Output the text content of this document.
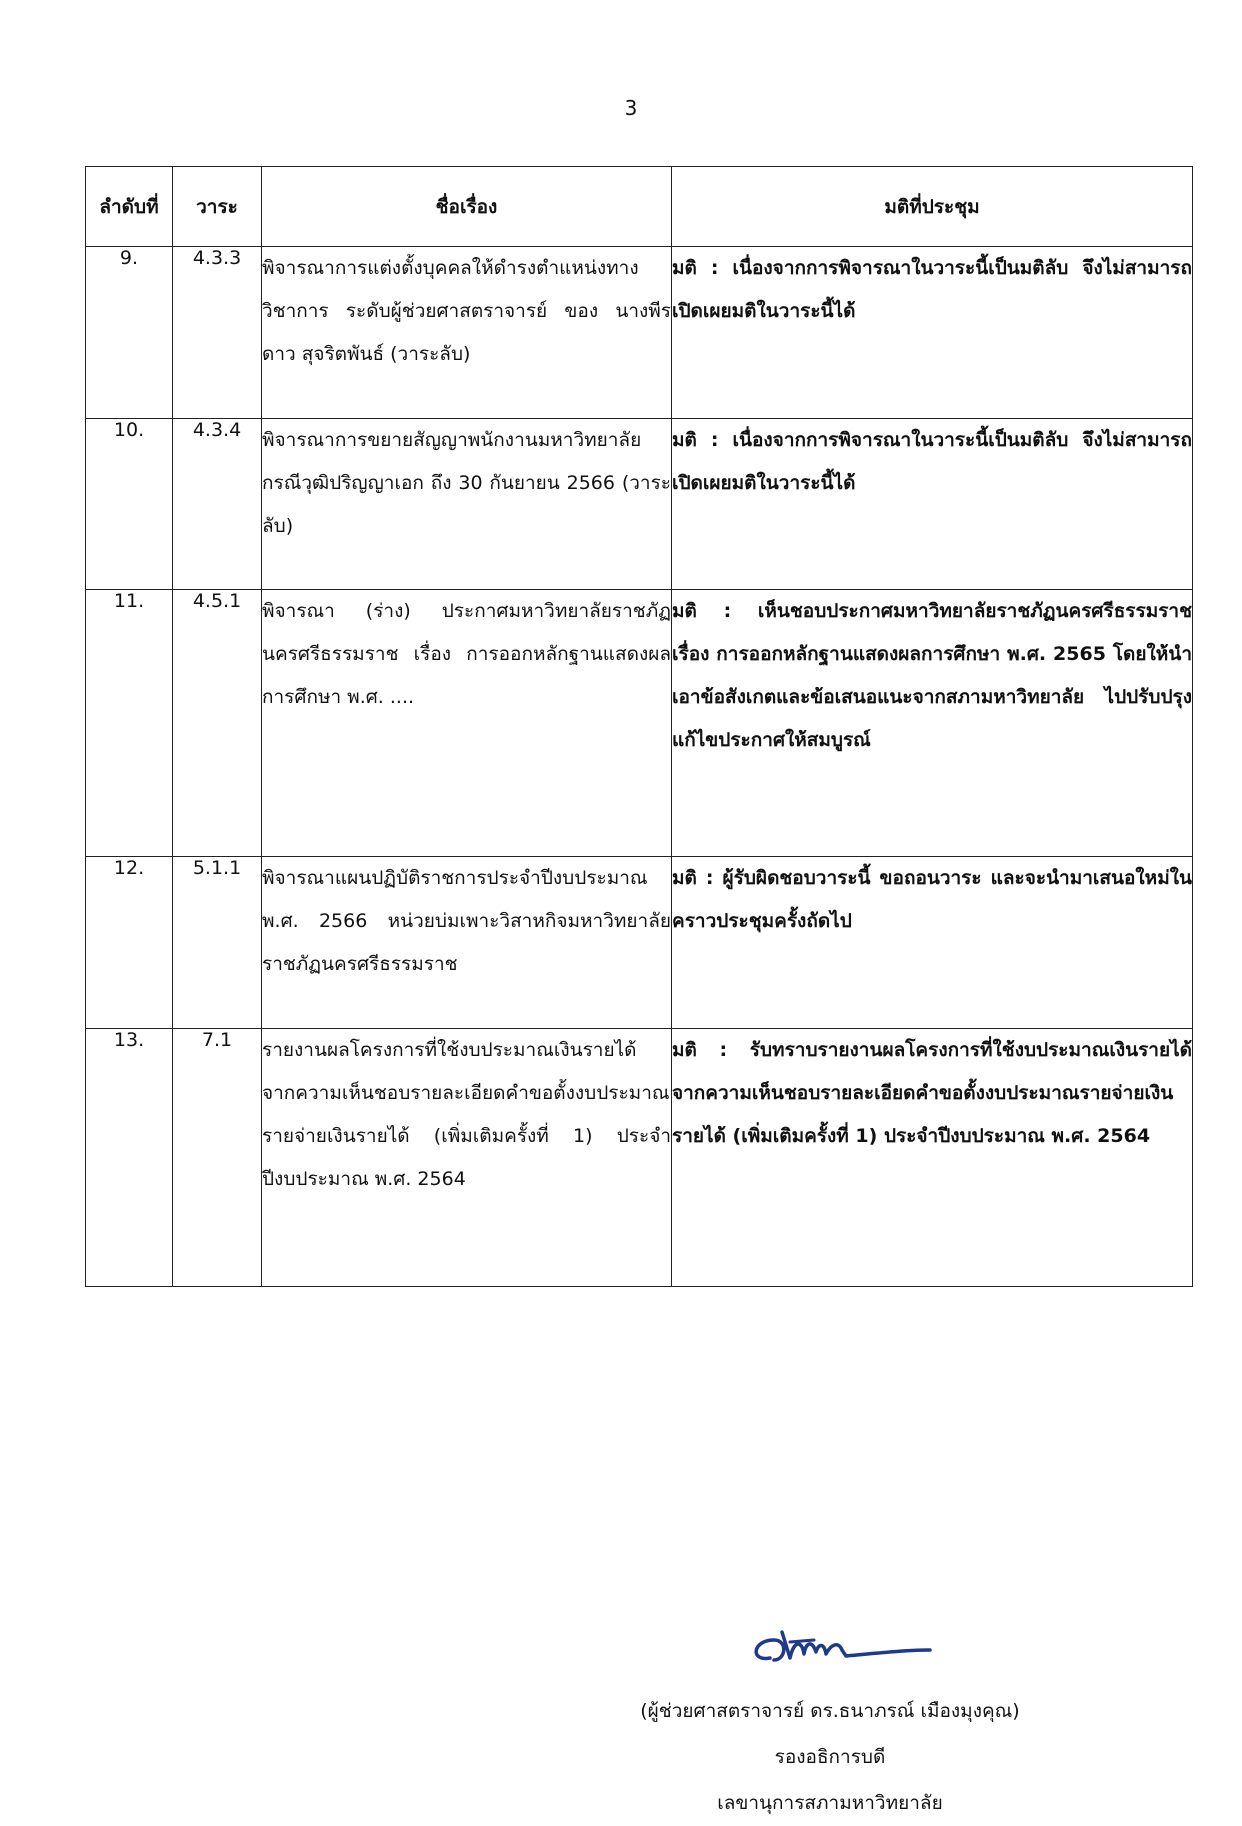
3
ลำดับที่	วาระ	ชื่อเรื่อง	มติที่ประชุม
9.	4.3.3	พิจารณาการแต่งตั้งบุคคลให้ดำรงตำแหน่งทางวิชาการ ระดับผู้ช่วยศาสตราจารย์ ของ นางพีรดาว สุจริตพันธ์ (วาระลับ)	มติ : เนื่องจากการพิจารณาในวาระนี้เป็นมติลับ จึงไม่สามารถเปิดเผยมติในวาระนี้ได้
10.	4.3.4	พิจารณาการขยายสัญญาพนักงานมหาวิทยาลัยกรณีวุฒิปริญญาเอก ถึง 30 กันยายน 2566 (วาระลับ)	มติ : เนื่องจากการพิจารณาในวาระนี้เป็นมติลับ จึงไม่สามารถเปิดเผยมติในวาระนี้ได้
11.	4.5.1	พิจารณา (ร่าง) ประกาศมหาวิทยาลัยราชภัฏนครศรีธรรมราช เรื่อง การออกหลักฐานแสดงผลการศึกษา พ.ศ. ....	มติ : เห็นชอบประกาศมหาวิทยาลัยราชภัฏนครศรีธรรมราช เรื่อง การออกหลักฐานแสดงผลการศึกษา พ.ศ. 2565 โดยให้นำเอาข้อสังเกตและข้อเสนอแนะจากสภามหาวิทยาลัย ไปปรับปรุงแก้ไขประกาศให้สมบูรณ์
12.	5.1.1	พิจารณาแผนปฏิบัติราชการประจำปีงบประมาณ พ.ศ. 2566 หน่วยบ่มเพาะวิสาหกิจมหาวิทยาลัยราชภัฏนครศรีธรรมราช	มติ : ผู้รับผิดชอบวาระนี้ ขอถอนวาระ และจะนำมาเสนอใหม่ในคราวประชุมครั้งถัดไป
13.	7.1	รายงานผลโครงการที่ใช้งบประมาณเงินรายได้ จากความเห็นชอบรายละเอียดคำขอตั้งงบประมาณรายจ่ายเงินรายได้ (เพิ่มเติมครั้งที่ 1) ประจำปีงบประมาณ พ.ศ. 2564	มติ : รับทราบรายงานผลโครงการที่ใช้งบประมาณเงินรายได้ จากความเห็นชอบรายละเอียดคำขอตั้งงบประมาณรายจ่ายเงินรายได้ (เพิ่มเติมครั้งที่ 1) ประจำปีงบประมาณ พ.ศ. 2564
(ผู้ช่วยศาสตราจารย์ ดร.ธนาภรณ์ เมืองมุงคุณ)
รองอธิการบดี
เลขานุการสภามหาวิทยาลัย
